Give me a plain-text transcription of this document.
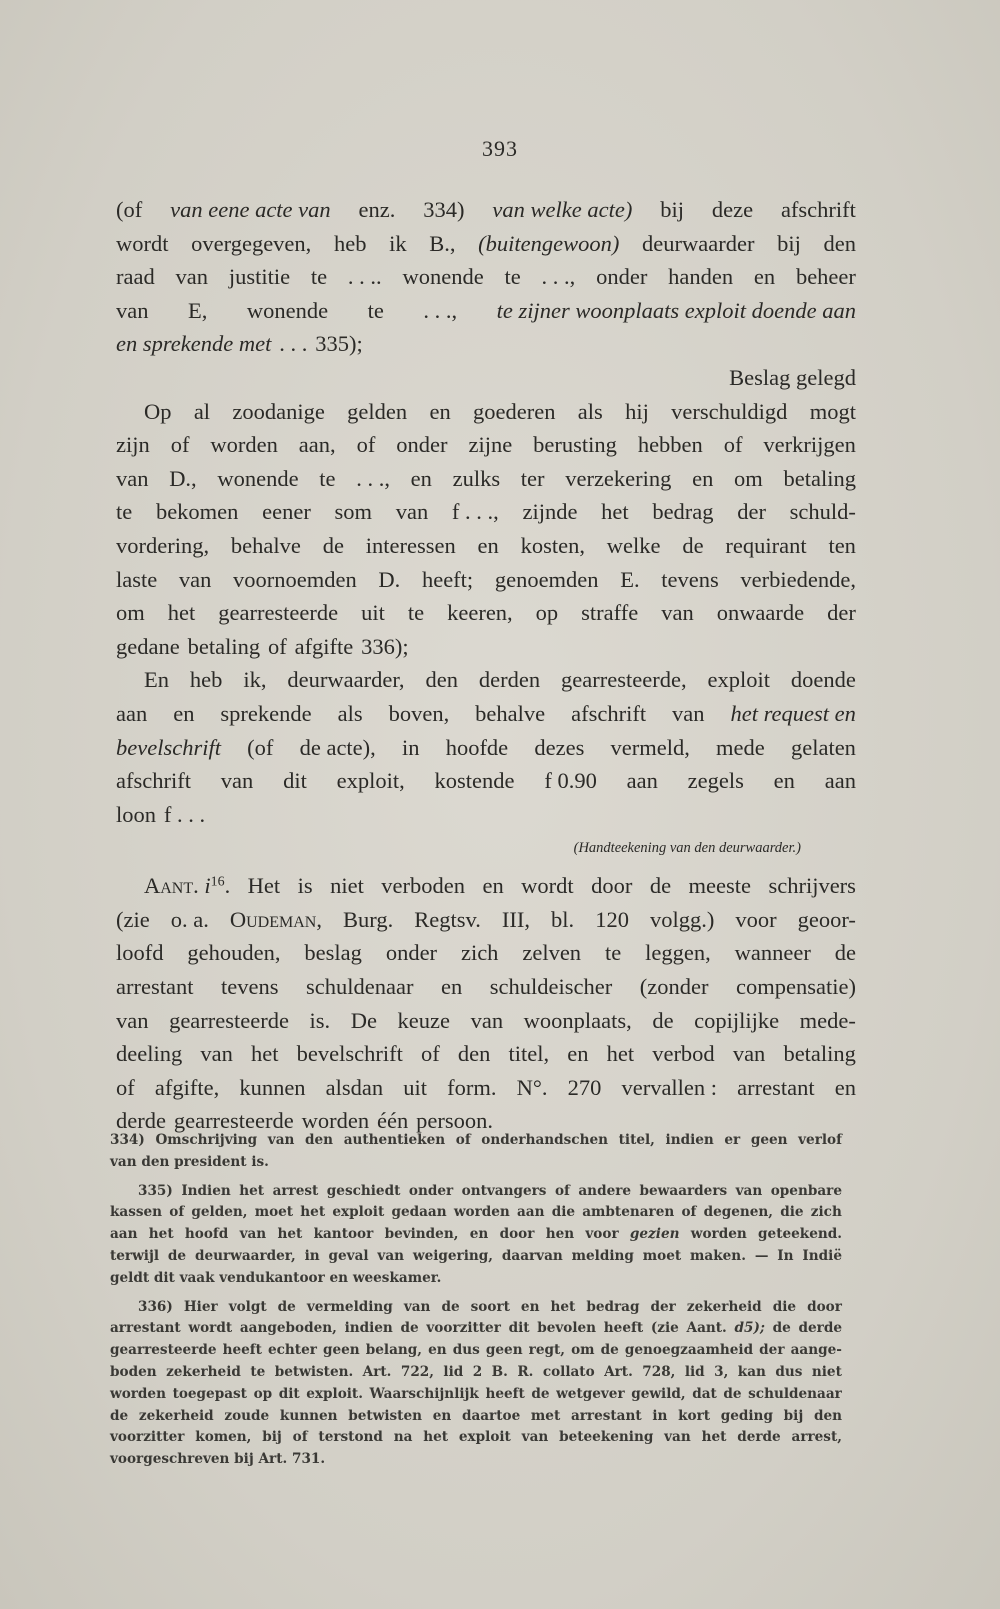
393
(of van eene acte van enz. 334) van welke acte) bij deze afschrift
wordt overgegeven, heb ik B., (buitengewoon) deurwaarder bij den
raad van justitie te . . .. wonende te . . ., onder handen en beheer
van E, wonende te . . ., te zijner woonplaats exploit doende aan
en sprekende met . . . 335);
Beslag gelegd
Op al zoodanige gelden en goederen als hij verschuldigd mogt
zijn of worden aan, of onder zijne berusting hebben of verkrijgen
van D., wonende te . . ., en zulks ter verzekering en om betaling
te bekomen eener som van f . . ., zijnde het bedrag der schuld-
vordering, behalve de interessen en kosten, welke de requirant ten
laste van voornoemden D. heeft; genoemden E. tevens verbiedende,
om het gearresteerde uit te keeren, op straffe van onwaarde der
gedane betaling of afgifte 336);
En heb ik, deurwaarder, den derden gearresteerde, exploit doende
aan en sprekende als boven, behalve afschrift van het request en
bevelschrift (of de acte), in hoofde dezes vermeld, mede gelaten
afschrift van dit exploit, kostende f 0.90 aan zegels en aan
loon f . . .
(Handteekening van den deurwaarder.)
Aant. $i^{16}$. Het is niet verboden en wordt door de meeste schrijvers
(zie o. a. Oudeman, Burg. Regtsv. III, bl. 120 volgg.) voor geoor-
loofd gehouden, beslag onder zich zelven te leggen, wanneer de
arrestant tevens schuldenaar en schuldeischer (zonder compensatie)
van gearresteerde is. De keuze van woonplaats, de copijlijke mede-
deeling van het bevelschrift of den titel, en het verbod van betaling
of afgifte, kunnen alsdan uit form. N°. 270 vervallen : arrestant en
derde gearresteerde worden één persoon.
334) Omschrijving van den authentieken of onderhandschen titel, indien er geen verlof
van den president is.
335) Indien het arrest geschiedt onder ontvangers of andere bewaarders van openbare
kassen of gelden, moet het exploit gedaan worden aan die ambtenaren of degenen, die zich
aan het hoofd van het kantoor bevinden, en door hen voor gezien worden geteekend.
terwijl de deurwaarder, in geval van weigering, daarvan melding moet maken. — In Indië
geldt dit vaak vendukantoor en weeskamer.
336) Hier volgt de vermelding van de soort en het bedrag der zekerheid die door
arrestant wordt aangeboden, indien de voorzitter dit bevolen heeft (zie Aant. d5); de derde
gearresteerde heeft echter geen belang, en dus geen regt, om de genoegzaamheid der aange-
boden zekerheid te betwisten. Art. 722, lid 2 B. R. collato Art. 728, lid 3, kan dus niet
worden toegepast op dit exploit. Waarschijnlijk heeft de wetgever gewild, dat de schuldenaar
de zekerheid zoude kunnen betwisten en daartoe met arrestant in kort geding bij den
voorzitter komen, bij of terstond na het exploit van beteekening van het derde arrest,
voorgeschreven bij Art. 731.
